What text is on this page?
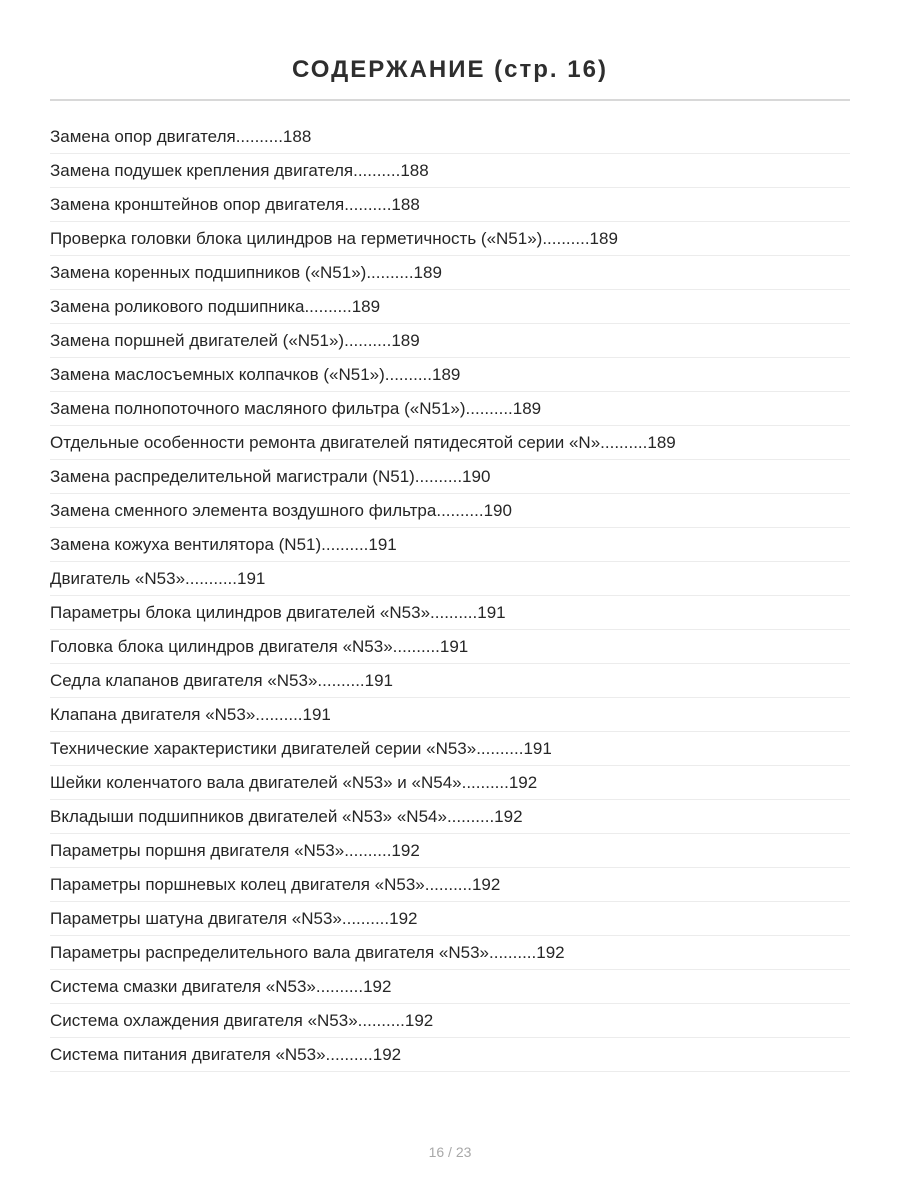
СОДЕРЖАНИЕ (стр. 16)
Замена опор двигателя..........188
Замена подушек крепления двигателя..........188
Замена кронштейнов опор двигателя..........188
Проверка головки блока цилиндров на герметичность («N51»)..........189
Замена коренных подшипников («N51»)..........189
Замена роликового подшипника..........189
Замена поршней двигателей («N51»)..........189
Замена маслосъемных колпачков («N51»)..........189
Замена полнопоточного масляного фильтра («N51»)..........189
Отдельные особенности ремонта двигателей пятидесятой серии «N»..........189
Замена распределительной магистрали (N51)..........190
Замена сменного элемента воздушного фильтра..........190
Замена кожуха вентилятора (N51)..........191
Двигатель «N53»...........191
Параметры блока цилиндров двигателей «N53»..........191
Головка блока цилиндров двигателя «N53»..........191
Седла клапанов двигателя «N53»..........191
Клапана двигателя «N53»..........191
Технические характеристики двигателей серии «N53»..........191
Шейки коленчатого вала двигателей «N53» и «N54»..........192
Вкладыши подшипников двигателей «N53» «N54»..........192
Параметры поршня двигателя «N53»..........192
Параметры поршневых колец двигателя «N53»..........192
Параметры шатуна двигателя «N53»..........192
Параметры распределительного вала двигателя «N53»..........192
Система смазки двигателя «N53»..........192
Система охлаждения двигателя «N53»..........192
Система питания двигателя «N53»..........192
16 / 23
